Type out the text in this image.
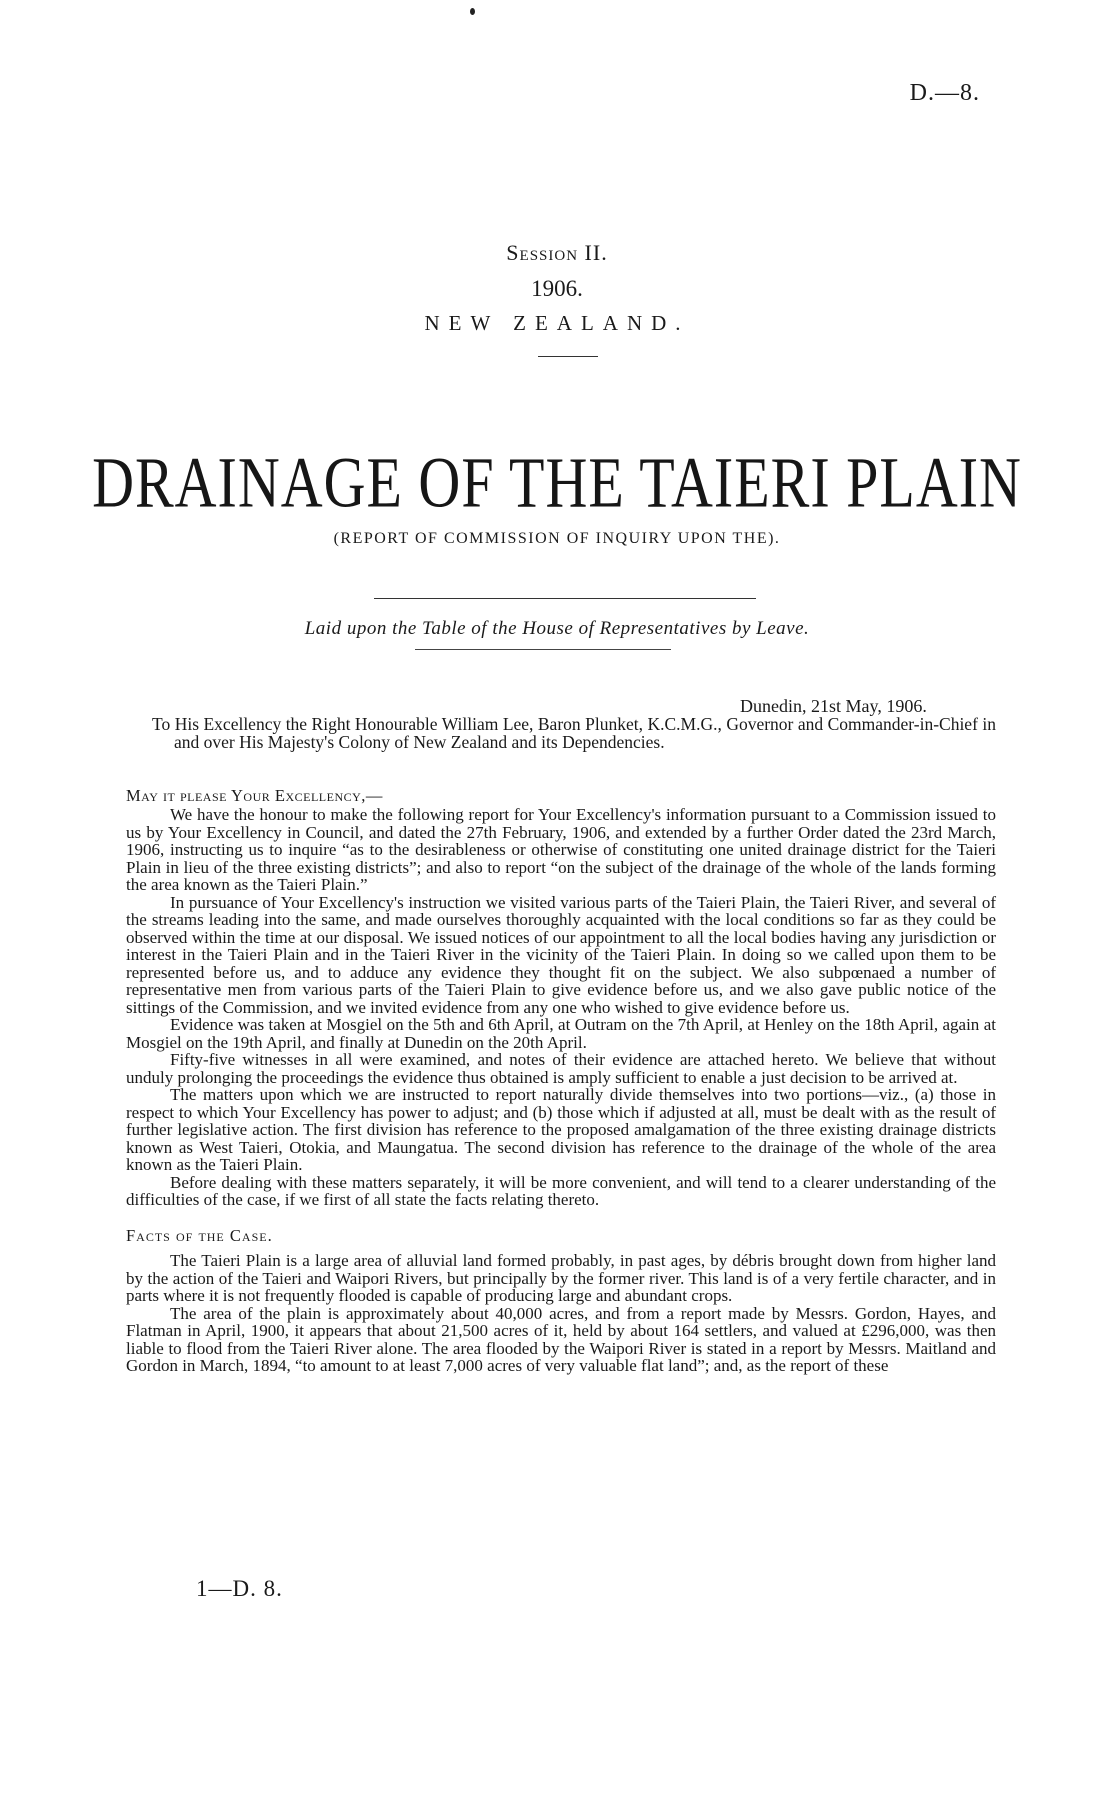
D.—8.
Session II.
1906.
NEW ZEALAND.
DRAINAGE OF THE TAIERI PLAIN
(REPORT OF COMMISSION OF INQUIRY UPON THE).
Laid upon the Table of the House of Representatives by Leave.
Dunedin, 21st May, 1906.

To His Excellency the Right Honourable William Lee, Baron Plunket, K.C.M.G., Governor and Commander-in-Chief in and over His Majesty's Colony of New Zealand and its Dependencies.

May it please Your Excellency,—

We have the honour to make the following report for Your Excellency's information pursuant to a Commission issued to us by Your Excellency in Council, and dated the 27th February, 1906, and extended by a further Order dated the 23rd March, 1906, instructing us to inquire “as to the desirableness or otherwise of constituting one united drainage district for the Taieri Plain in lieu of the three existing districts”; and also to report “on the subject of the drainage of the whole of the lands forming the area known as the Taieri Plain.”

In pursuance of Your Excellency's instruction we visited various parts of the Taieri Plain, the Taieri River, and several of the streams leading into the same, and made ourselves thoroughly acquainted with the local conditions so far as they could be observed within the time at our disposal. We issued notices of our appointment to all the local bodies having any jurisdiction or interest in the Taieri Plain and in the Taieri River in the vicinity of the Taieri Plain. In doing so we called upon them to be represented before us, and to adduce any evidence they thought fit on the subject. We also subpœnaed a number of representative men from various parts of the Taieri Plain to give evidence before us, and we also gave public notice of the sittings of the Commission, and we invited evidence from any one who wished to give evidence before us.

Evidence was taken at Mosgiel on the 5th and 6th April, at Outram on the 7th April, at Henley on the 18th April, again at Mosgiel on the 19th April, and finally at Dunedin on the 20th April.

Fifty-five witnesses in all were examined, and notes of their evidence are attached hereto. We believe that without unduly prolonging the proceedings the evidence thus obtained is amply sufficient to enable a just decision to be arrived at.

The matters upon which we are instructed to report naturally divide themselves into two portions—viz., (a) those in respect to which Your Excellency has power to adjust; and (b) those which if adjusted at all, must be dealt with as the result of further legislative action. The first division has reference to the proposed amalgamation of the three existing drainage districts known as West Taieri, Otokia, and Maungatua. The second division has reference to the drainage of the whole of the area known as the Taieri Plain.

Before dealing with these matters separately, it will be more convenient, and will tend to a clearer understanding of the difficulties of the case, if we first of all state the facts relating thereto.

Facts of the Case.

The Taieri Plain is a large area of alluvial land formed probably, in past ages, by débris brought down from higher land by the action of the Taieri and Waipori Rivers, but principally by the former river. This land is of a very fertile character, and in parts where it is not frequently flooded is capable of producing large and abundant crops.

The area of the plain is approximately about 40,000 acres, and from a report made by Messrs. Gordon, Hayes, and Flatman in April, 1900, it appears that about 21,500 acres of it, held by about 164 settlers, and valued at £296,000, was then liable to flood from the Taieri River alone. The area flooded by the Waipori River is stated in a report by Messrs. Maitland and Gordon in March, 1894, “to amount to at least 7,000 acres of very valuable flat land”; and, as the report of these

1—D. 8.
